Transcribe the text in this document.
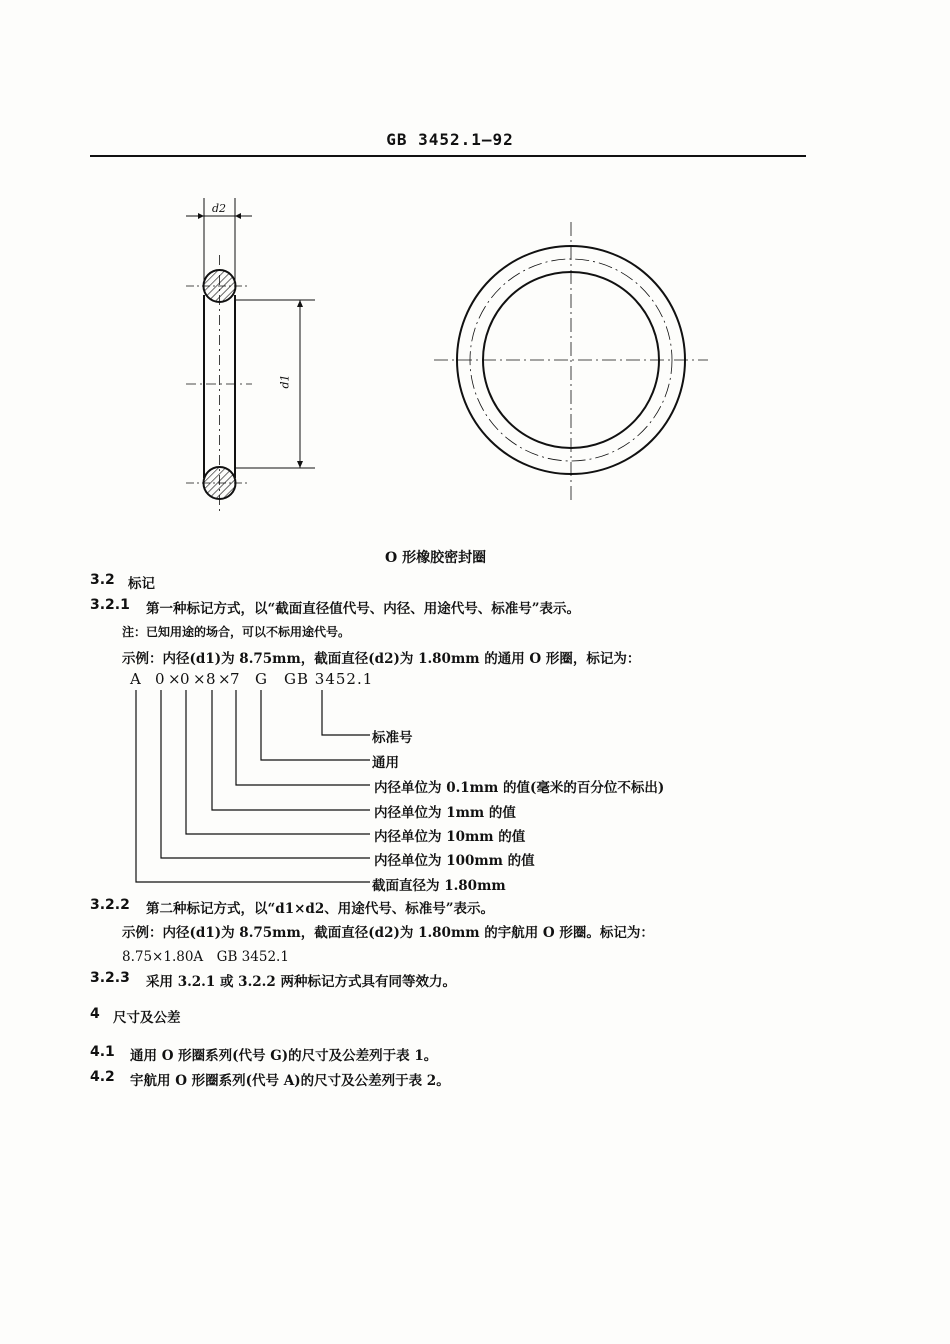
GB 3452.1—92
d2
d1
O 形橡胶密封圈
3.2 标记
3.2.1 第一种标记方式，以“截面直径值代号、内径、用途代号、标准号”表示。
注：已知用途的场合，可以不标用途代号。
示例：内径(d1)为 8.75mm，截面直径(d2)为 1.80mm 的通用 O 形圈，标记为：
A 0 ×
0 × 8 ×
7 G GB 3452.1
标准号
通用
内径单位为 0.1mm 的值(毫米的百分位不标出)
内径单位为 1mm 的值
内径单位为 10mm 的值
内径单位为 100mm 的值
截面直径为 1.80mm
3.2.2 第二种标记方式，以“d1×d2、用途代号、标准号”表示。
示例：内径(d1)为 8.75mm，截面直径(d2)为 1.80mm 的宇航用 O 形圈。标记为：
8.75×1.80A　GB 3452.1
3.2.3 采用 3.2.1 或 3.2.2 两种标记方式具有同等效力。
4 尺寸及公差
4.1 通用 O 形圈系列(代号 G)的尺寸及公差列于表 1。
4.2 宇航用 O 形圈系列(代号 A)的尺寸及公差列于表 2。
